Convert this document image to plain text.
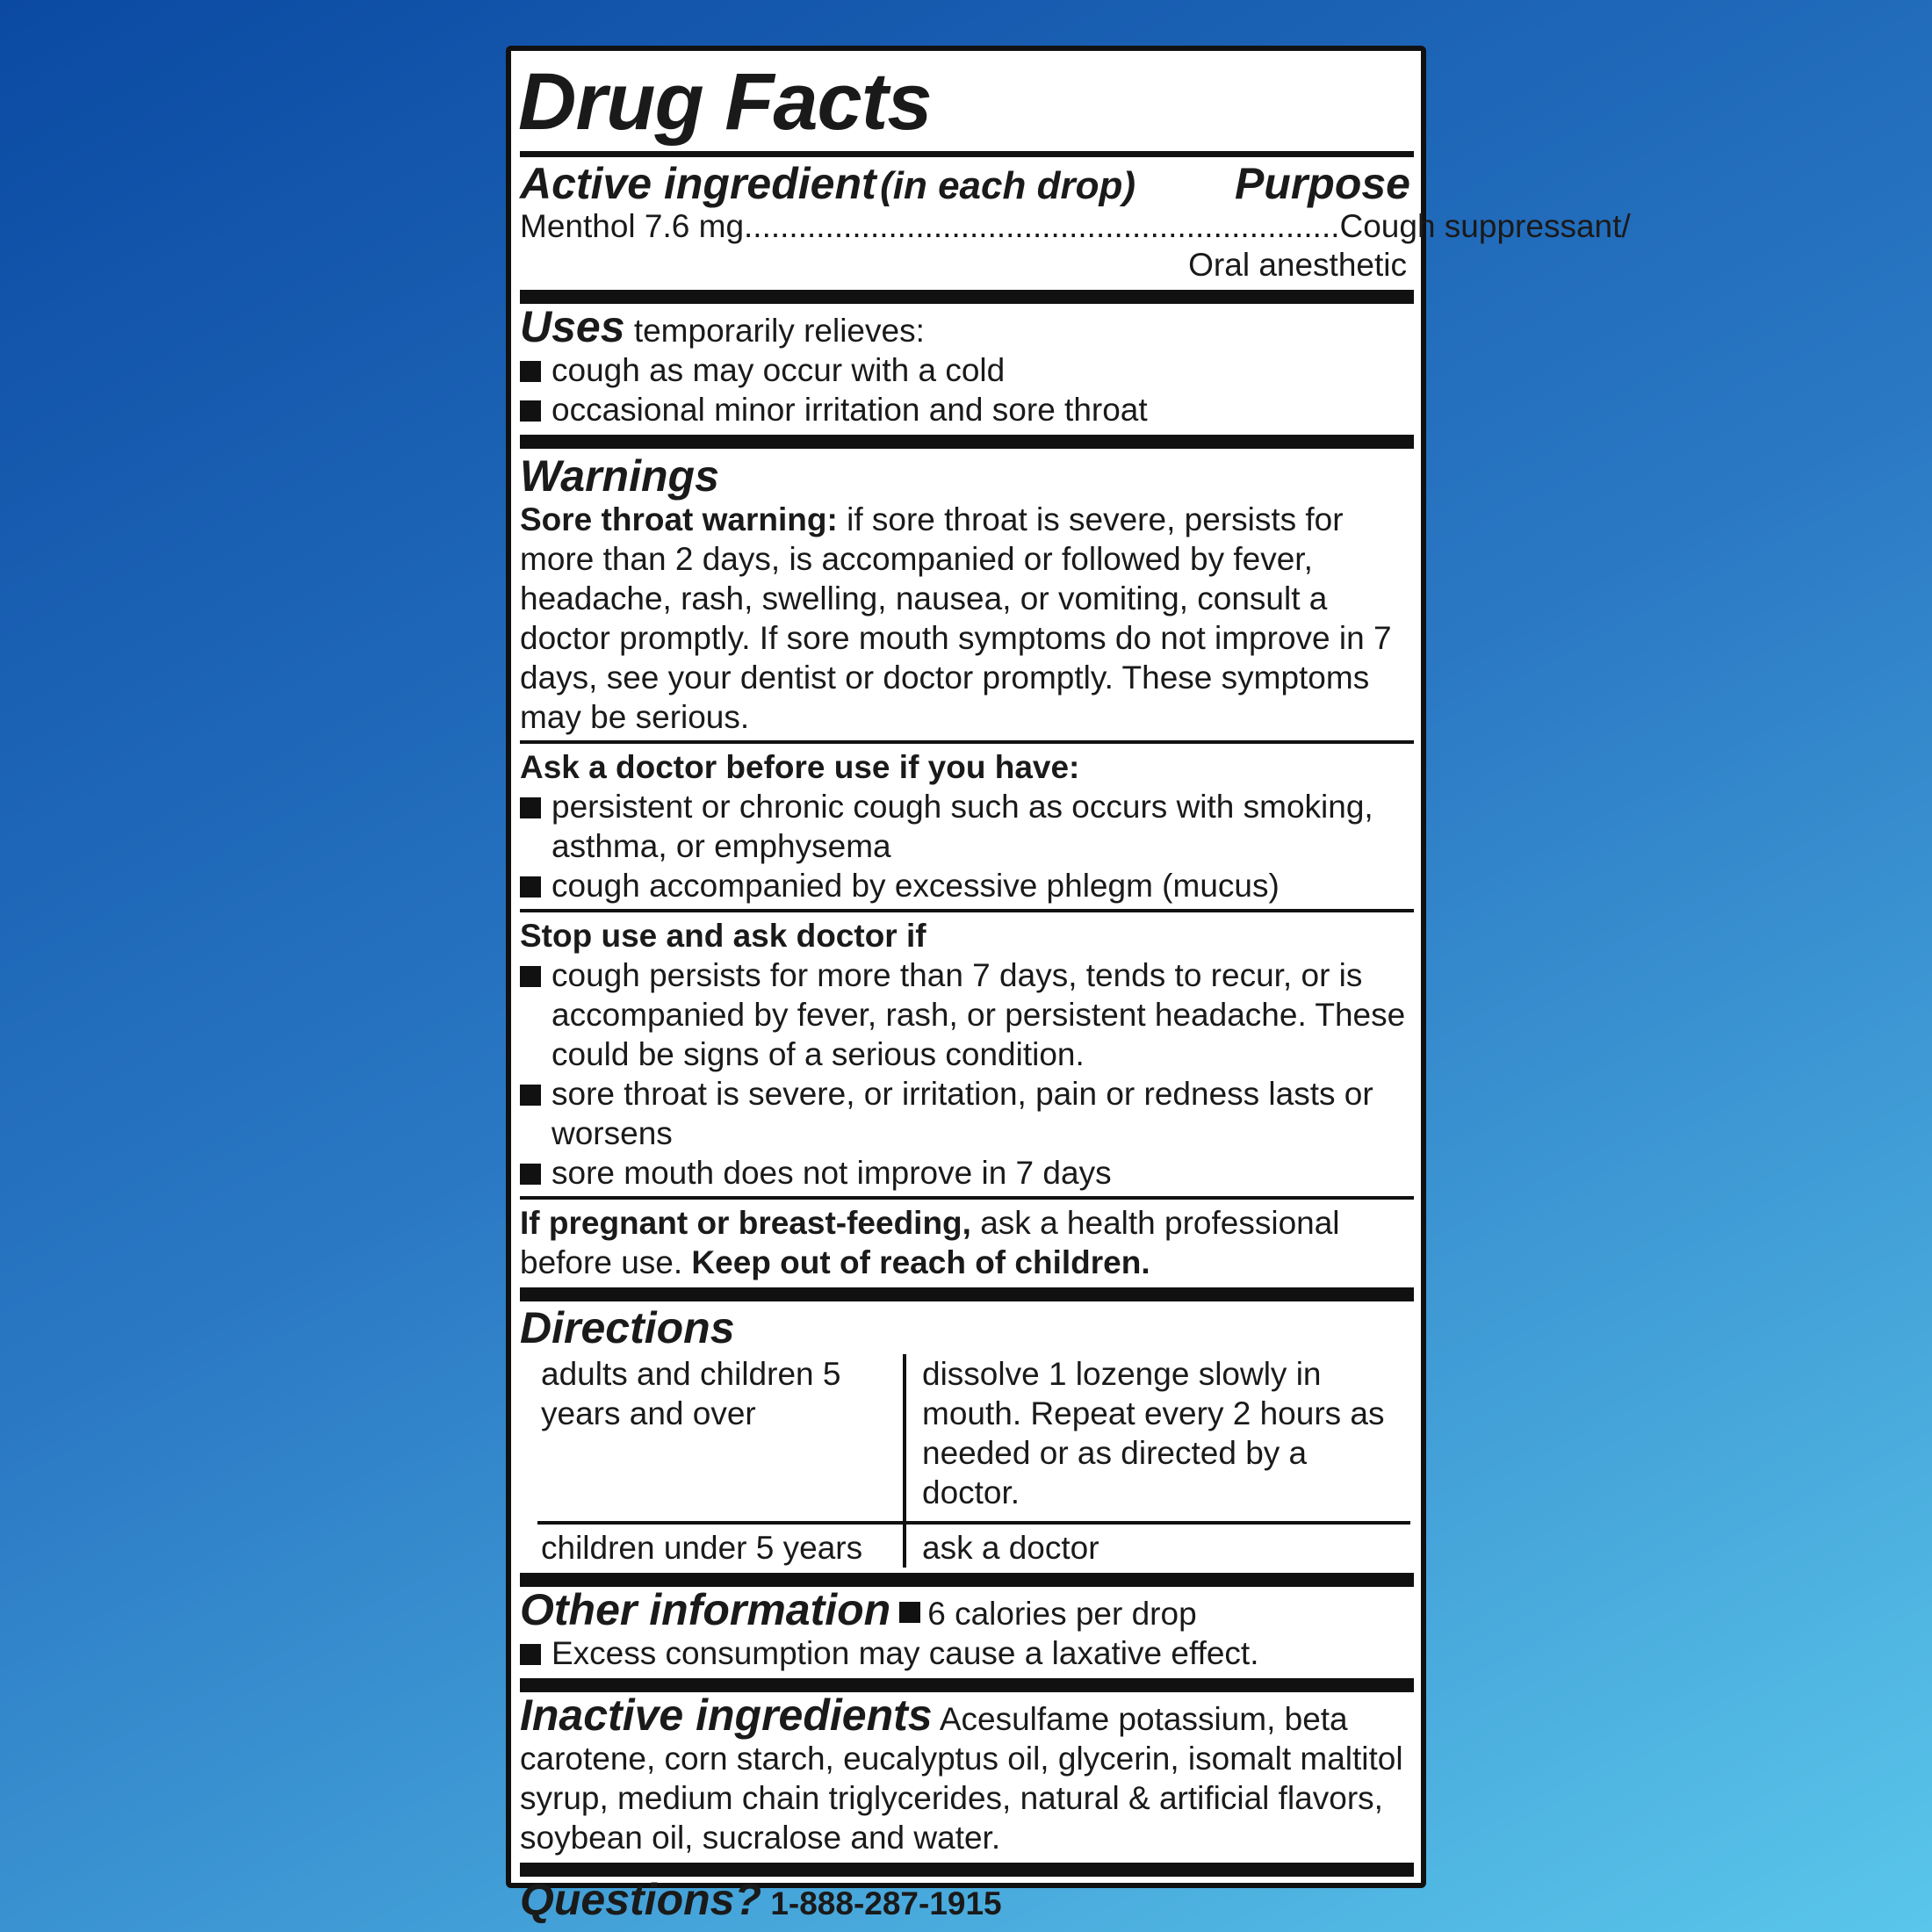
Drug Facts
Active ingredient (in each drop) Purpose
Menthol 7.6 mg .................................................................. Cough suppressant/
Oral anesthetic
Uses temporarily relieves:
cough as may occur with a cold
occasional minor irritation and sore throat
Warnings
Sore throat warning: if sore throat is severe, persists for more than 2 days, is accompanied or followed by fever, headache, rash, swelling, nausea, or vomiting, consult a doctor promptly. If sore mouth symptoms do not improve in 7 days, see your dentist or doctor promptly. These symptoms may be serious.
Ask a doctor before use if you have:
persistent or chronic cough such as occurs with smoking, asthma, or emphysema
cough accompanied by excessive phlegm (mucus)
Stop use and ask doctor if
cough persists for more than 7 days, tends to recur, or is accompanied by fever, rash, or persistent headache. These could be signs of a serious condition.
sore throat is severe, or irritation, pain or redness lasts or worsens
sore mouth does not improve in 7 days
If pregnant or breast-feeding, ask a health professional before use. Keep out of reach of children.
Directions
adults and children 5 years and over
dissolve 1 lozenge slowly in mouth. Repeat every 2 hours as needed or as directed by a doctor.
children under 5 years	ask a doctor
Other information 6 calories per drop
Excess consumption may cause a laxative effect.
Inactive ingredients Acesulfame potassium, beta carotene, corn starch, eucalyptus oil, glycerin, isomalt maltitol syrup, medium chain triglycerides, natural & artificial flavors, soybean oil, sucralose and water.
Questions? 1-888-287-1915
